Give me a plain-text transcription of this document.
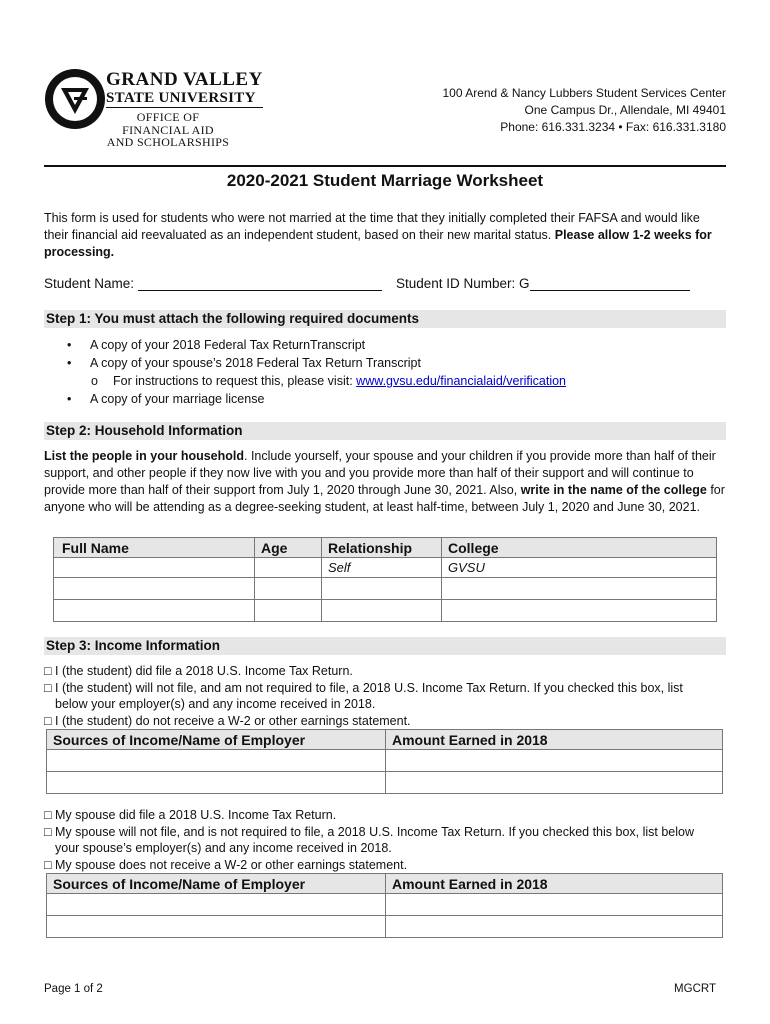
GRAND VALLEY
STATE UNIVERSITY
OFFICE OF
FINANCIAL AID
AND SCHOLARSHIPS
100 Arend & Nancy Lubbers Student Services Center
One Campus Dr., Allendale, MI 49401
Phone: 616.331.3234 • Fax: 616.331.3180
2020-2021 Student Marriage Worksheet
This form is used for students who were not married at the time that they initially completed their FAFSA and would like their financial aid reevaluated as an independent student, based on their new marital status. Please allow 1-2 weeks for processing.
Student Name:	Student ID Number: G
Step 1: You must attach the following required documents
• A copy of your 2018 Federal Tax ReturnTranscript
• A copy of your spouse’s 2018 Federal Tax Return Transcript
o For instructions to request this, please visit: www.gvsu.edu/financialaid/verification
• A copy of your marriage license
Step 2: Household Information
List the people in your household. Include yourself, your spouse and your children if you provide more than half of their support, and other people if they now live with you and you provide more than half of their support and will continue to provide more than half of their support from July 1, 2020 through June 30, 2021. Also, write in the name of the college for anyone who will be attending as a degree-seeking student, at least half-time, between July 1, 2020 and June 30, 2021.
Full Name	Age	Relationship	College
		Self	GVSU

Step 3: Income Information
□ I (the student) did file a 2018 U.S. Income Tax Return.
□ I (the student) will not file, and am not required to file, a 2018 U.S. Income Tax Return. If you checked this box, list
below your employer(s) and any income received in 2018.
□ I (the student) do not receive a W-2 or other earnings statement.
Sources of Income/Name of Employer	Amount Earned in 2018

□ My spouse did file a 2018 U.S. Income Tax Return.
□ My spouse will not file, and is not required to file, a 2018 U.S. Income Tax Return. If you checked this box, list below
your spouse’s employer(s) and any income received in 2018.
□ My spouse does not receive a W-2 or other earnings statement.
Sources of Income/Name of Employer	Amount Earned in 2018

Page 1 of 2	MGCRT
